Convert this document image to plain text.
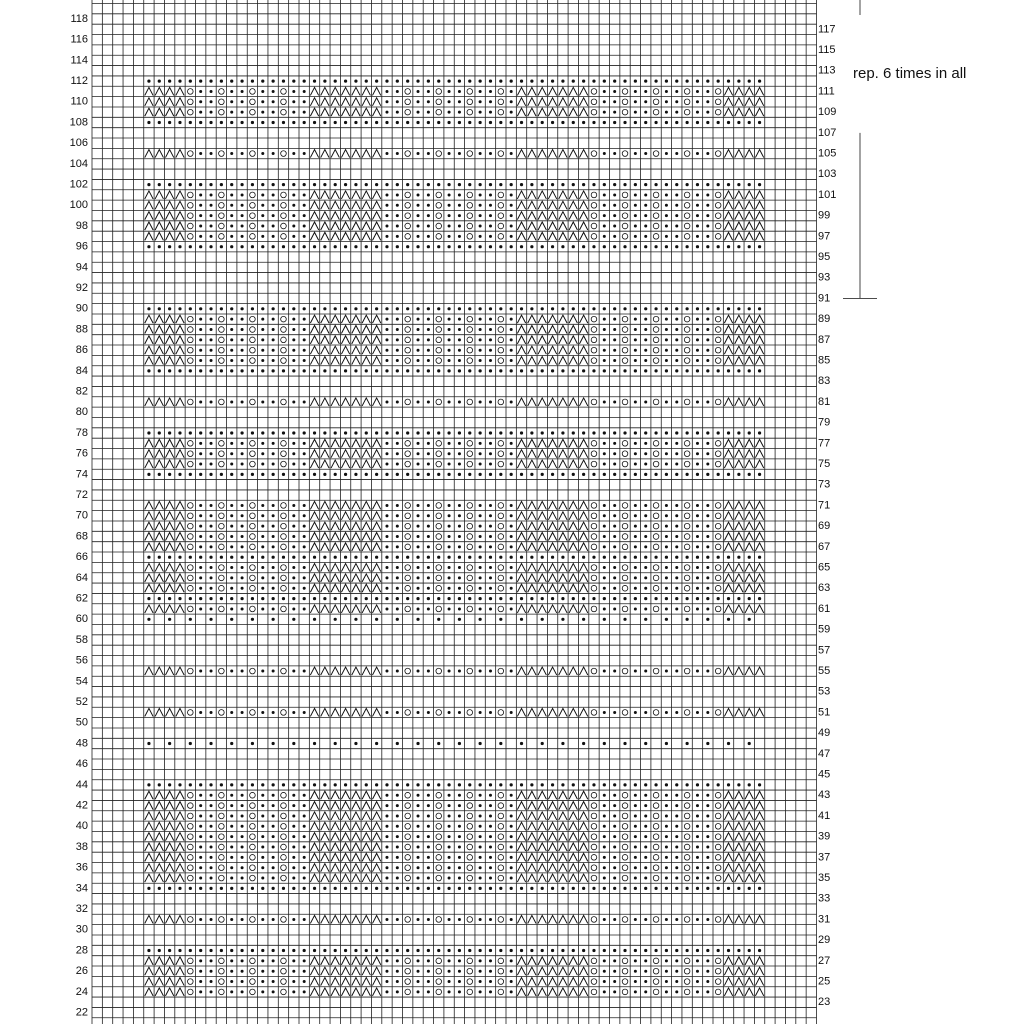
118
116
114
112
110
108
106
104
102
100
98
96
94
92
90
88
86
84
82
80
78
76
74
72
70
68
66
64
62
60
58
56
54
52
50
48
46
44
42
40
38
36
34
32
30
28
26
24
22
117
115
113
111
109
107
105
103
101
99
97
95
93
91
89
87
85
83
81
79
77
75
73
71
69
67
65
63
61
59
57
55
53
51
49
47
45
43
41
39
37
35
33
31
29
27
25
23
rep. 6 times in all
